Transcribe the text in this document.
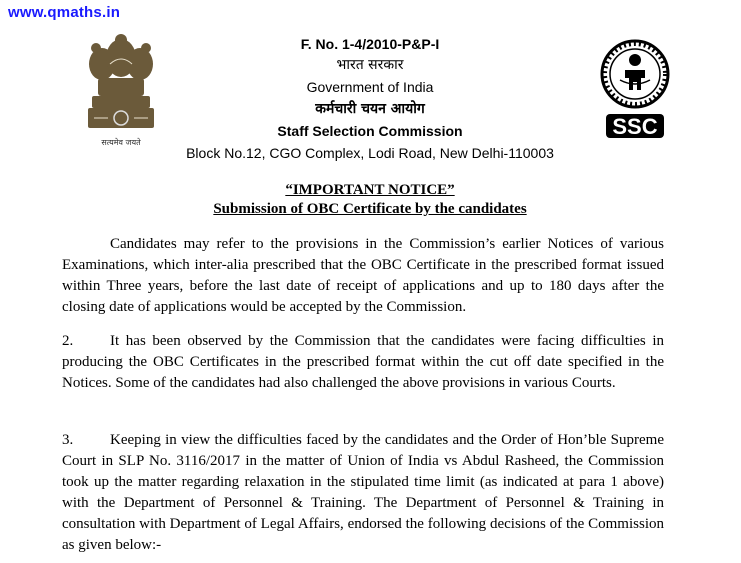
www.qmaths.in
सत्यमेव जयते
SSC
F. No. 1-4/2010-P&P-I
भारत सरकार
Government of India
कर्मचारी चयन आयोग
Staff Selection Commission
Block No.12, CGO Complex, Lodi Road, New Delhi-110003
“IMPORTANT NOTICE”
Submission of OBC Certificate by the candidates
Candidates may refer to the provisions in the Commission’s earlier Notices of various Examinations, which inter-alia prescribed that the OBC Certificate in the prescribed format issued within Three years, before the last date of receipt of applications and up to 180 days after the closing date of applications would be accepted by the Commission.
2. It has been observed by the Commission that the candidates were facing difficulties in producing the OBC Certificates in the prescribed format within the cut off date specified in the Notices. Some of the candidates had also challenged the above provisions in various Courts.
3. Keeping in view the difficulties faced by the candidates and the Order of Hon’ble Supreme Court in SLP No. 3116/2017 in the matter of Union of India vs Abdul Rasheed, the Commission took up the matter regarding relaxation in the stipulated time limit (as indicated at para 1 above) with the Department of Personnel & Training. The Department of Personnel & Training in consultation with Department of Legal Affairs, endorsed the following decisions of the Commission as given below:-
